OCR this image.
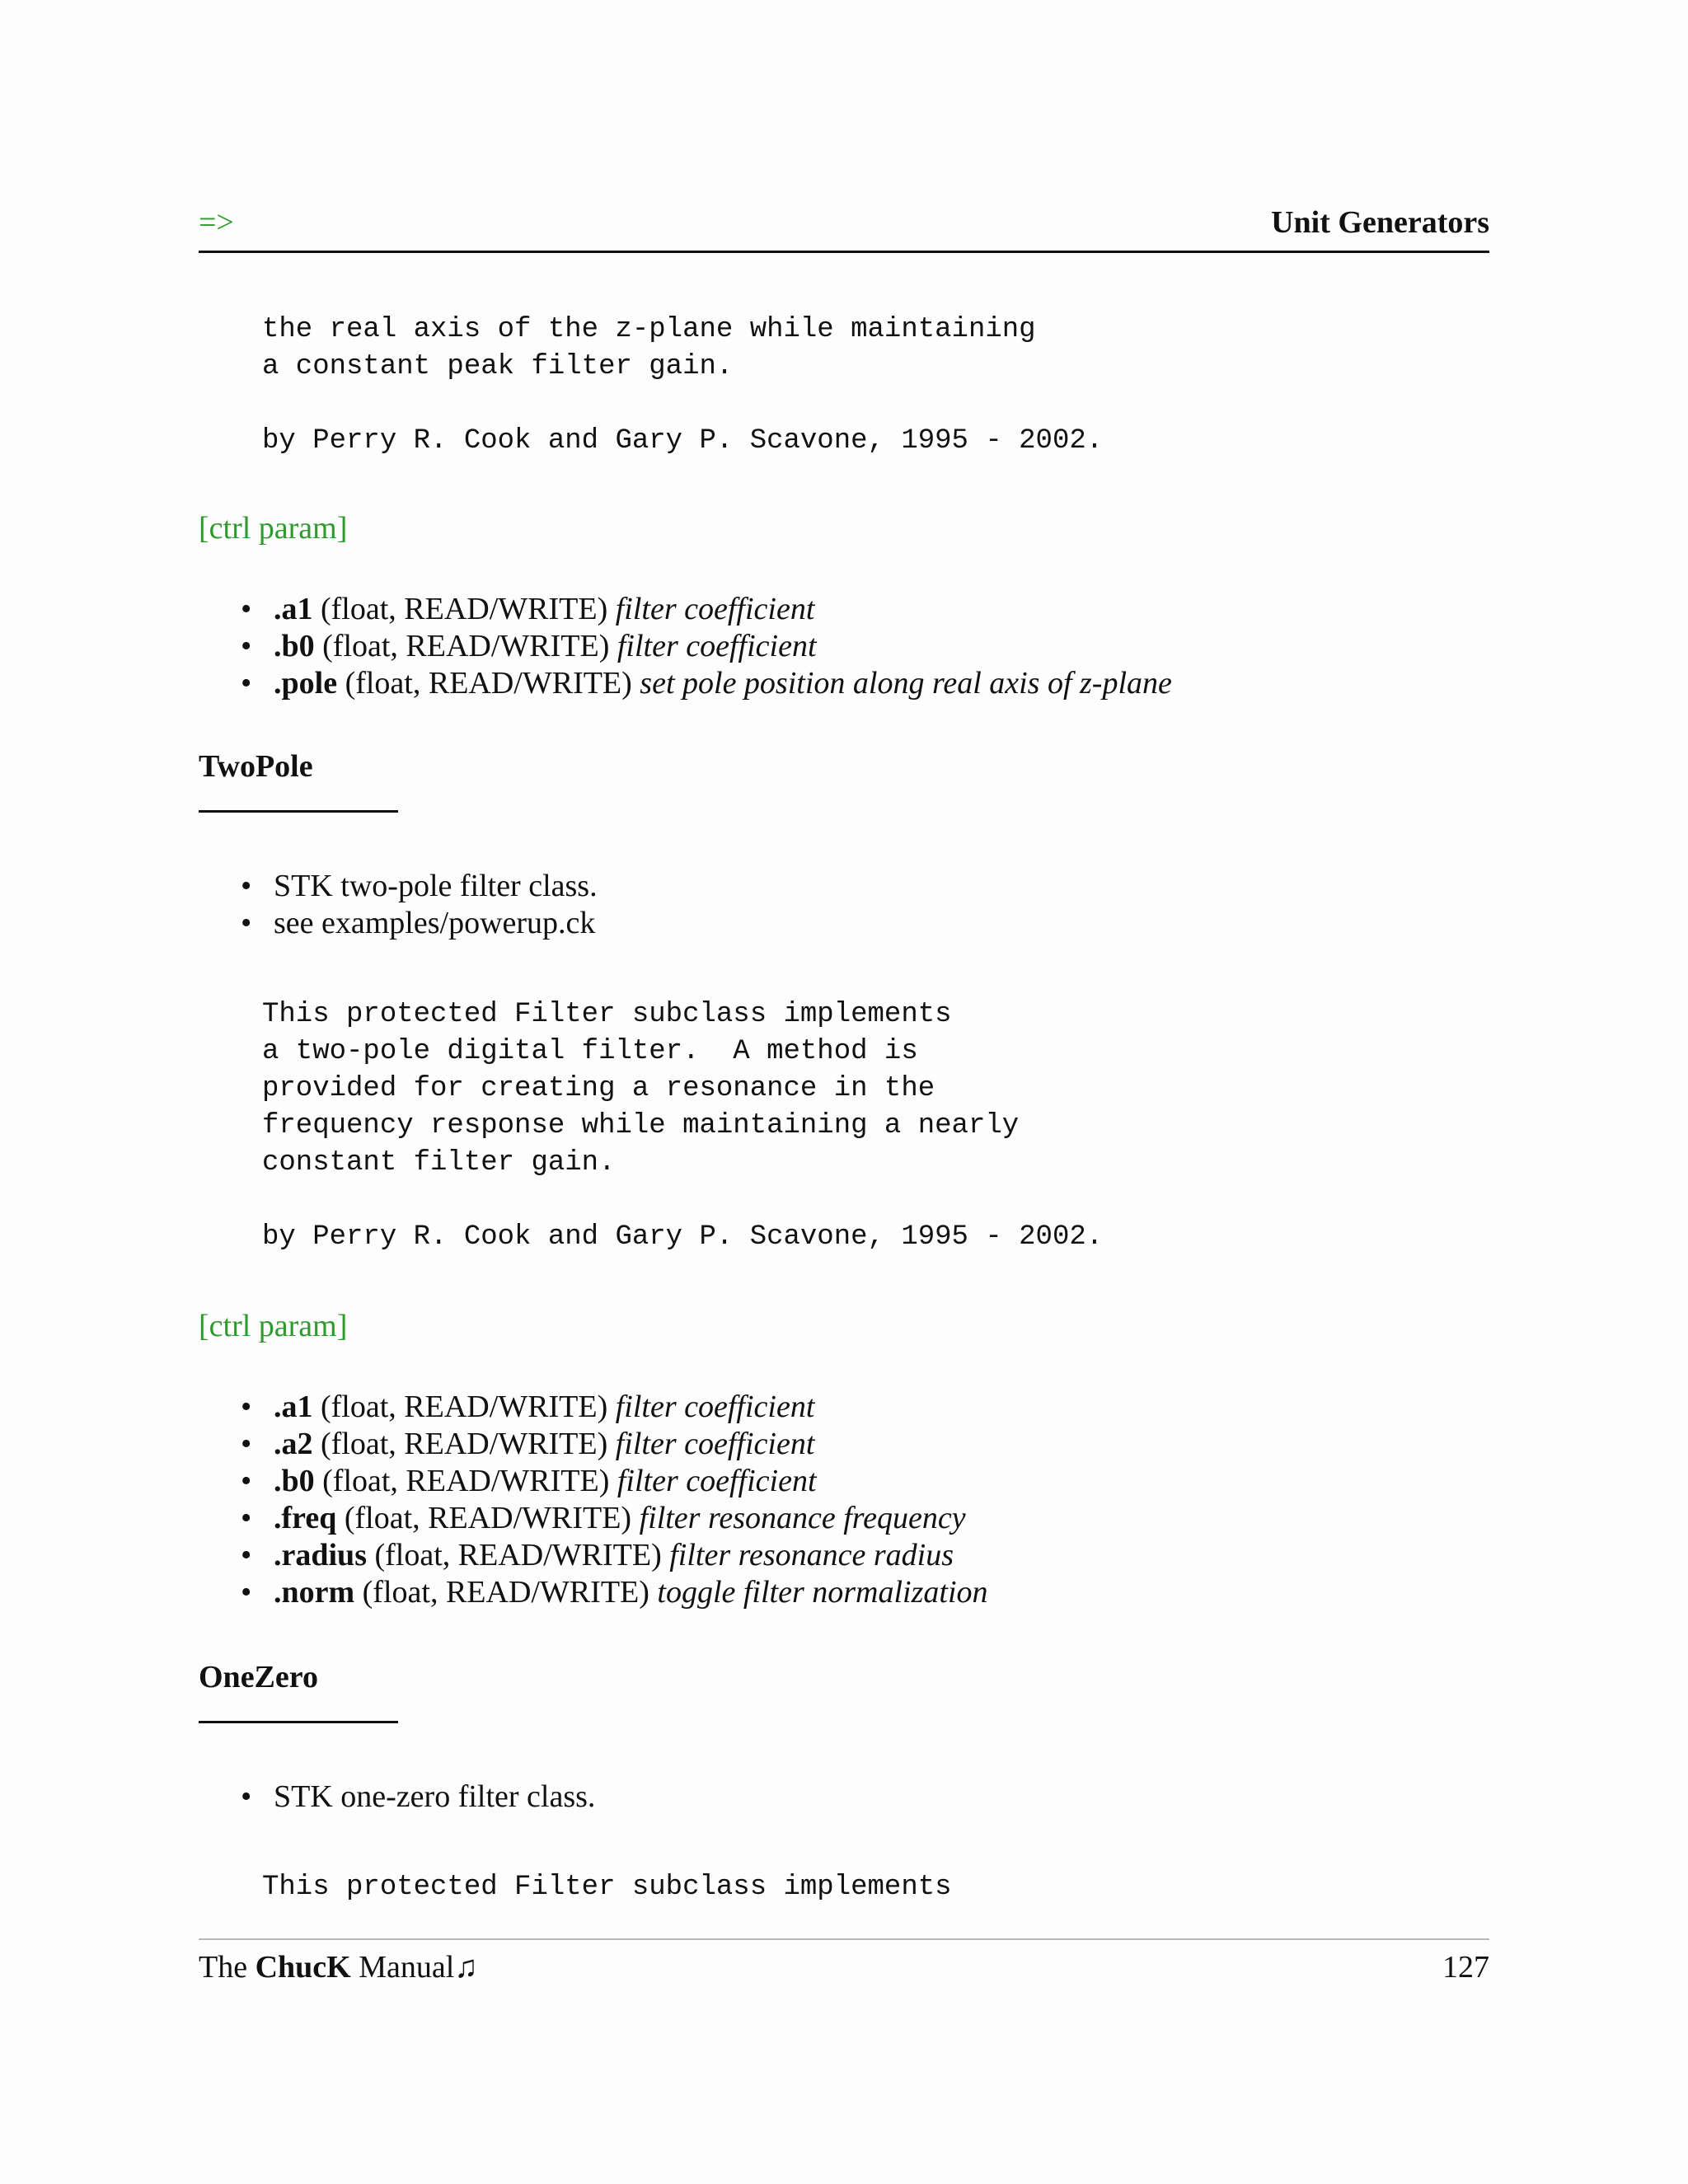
=>	Unit Generators
the real axis of the z-plane while maintaining
a constant peak filter gain.

by Perry R. Cook and Gary P. Scavone, 1995 - 2002.
[ctrl param]
• .a1 (float, READ/WRITE) filter coefficient
• .b0 (float, READ/WRITE) filter coefficient
• .pole (float, READ/WRITE) set pole position along real axis of z-plane
TwoPole
• STK two-pole filter class.
• see examples/powerup.ck
This protected Filter subclass implements
a two-pole digital filter.  A method is
provided for creating a resonance in the
frequency response while maintaining a nearly
constant filter gain.

by Perry R. Cook and Gary P. Scavone, 1995 - 2002.
[ctrl param]
• .a1 (float, READ/WRITE) filter coefficient
• .a2 (float, READ/WRITE) filter coefficient
• .b0 (float, READ/WRITE) filter coefficient
• .freq (float, READ/WRITE) filter resonance frequency
• .radius (float, READ/WRITE) filter resonance radius
• .norm (float, READ/WRITE) toggle filter normalization
OneZero
• STK one-zero filter class.
This protected Filter subclass implements
The ChucK Manual♫	127
